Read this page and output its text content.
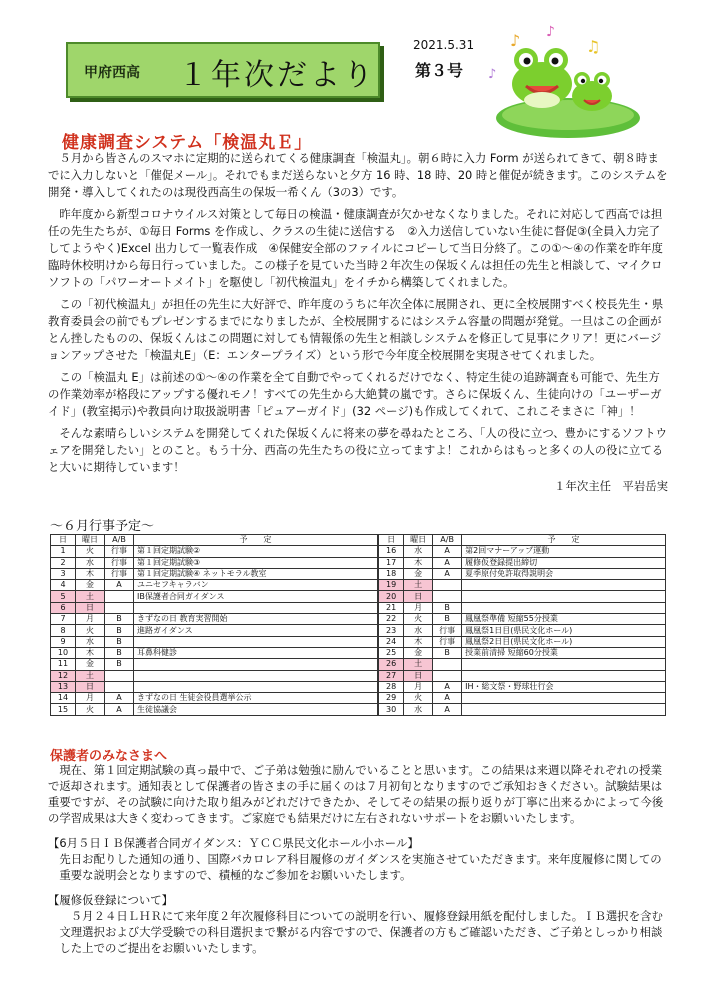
甲府西高 １年次だより
2021.5.31
第３号
♪ ♪
♫
♪
健康調査システム「検温丸Ｅ」

５月から皆さんのスマホに定期的に送られてくる健康調査「検温丸」。朝６時に入力 Form が送られてきて、朝８時までに入力しないと「催促メール」。それでもまだ送らないと夕方 16 時、18 時、20 時と催促が続きます。このシステムを開発・導入してくれたのは現役西高生の保坂一希くん（3の3）です。

昨年度から新型コロナウイルス対策として毎日の検温・健康調査が欠かせなくなりました。それに対応して西高では担任の先生たちが、①毎日 Forms を作成し、クラスの生徒に送信する　②入力送信していない生徒に督促③(全員入力完了してようやく)Excel 出力して一覧表作成　④保健安全部のファイルにコピーして当日分終了。この①～④の作業を昨年度臨時休校明けから毎日行っていました。この様子を見ていた当時２年次生の保坂くんは担任の先生と相談して、マイクロソフトの「パワーオートメイト」を駆使し「初代検温丸」をイチから構築してくれました。

この「初代検温丸」が担任の先生に大好評で、昨年度のうちに年次全体に展開され、更に全校展開すべく校長先生・県教育委員会の前でもプレゼンするまでになりましたが、全校展開するにはシステム容量の問題が発覚。一旦はこの企画がとん挫したものの、保坂くんはこの問題に対しても情報係の先生と相談しシステムを修正して見事にクリア！更にバージョンアップさせた「検温丸E」（E：エンタープライズ）という形で今年度全校展開を実現させてくれました。

この「検温丸 E」は前述の①～④の作業を全て自動でやってくれるだけでなく、特定生徒の追跡調査も可能で、先生方の作業効率が格段にアップする優れモノ！すべての先生から大絶賛の嵐です。さらに保坂くん、生徒向けの「ユーザーガイド」(教室掲示)や教員向け取扱説明書「ピュアーガイド」(32 ページ)も作成してくれて、これこそまさに「神」！

そんな素晴らしいシステムを開発してくれた保坂くんに将来の夢を尋ねたところ、「人の役に立つ、豊かにするソフトウェアを開発したい」とのこと。もう十分、西高の先生たちの役に立ってますよ！これからはもっと多くの人の役に立てると大いに期待しています！

１年次主任　平岩岳実
～６月行事予定～
日	曜日	A/B	予　　定	日	曜日	A/B	予　　定
1	火	行事	第１回定期試験②	16	水	A	第2回マナーアップ運動
2	水	行事	第１回定期試験③	17	木	A	履修仮登録提出締切
3	木	行事	第１回定期試験④ ネットモラル教室	18	金	A	夏季原付免許取得説明会
4	金	A	ユニセフキャラバン	19	土		
5	土		IB保護者合同ガイダンス	20	日		
6	日			21	月	B	
7	月	B	きずなの日 教育実習開始	22	火	B	鳳凰祭準備 短縮55分授業
8	火	B	進路ガイダンス	23	水	行事	鳳凰祭1日目(県民文化ホール)
9	水	B		24	木	行事	鳳凰祭2日目(県民文化ホール)
10	木	B	耳鼻科健診	25	金	B	授業前清掃 短縮60分授業
11	金	B		26	土		
12	土			27	日		
13	日			28	月	A	IH・総文祭・野球壮行会
14	月	A	きずなの日 生徒会役員選挙公示	29	火	A	
15	火	A	生徒協議会	30	水	A	
保護者のみなさまへ

現在、第１回定期試験の真っ最中で、ご子弟は勉強に励んでいることと思います。この結果は来週以降それぞれの授業で返却されます。通知表として保護者の皆さまの手に届くのは７月初旬となりますのでご承知おきください。試験結果は重要ですが、その試験に向けた取り組みがどれだけできたか、そしてその結果の振り返りが丁寧に出来るかによって今後の学習成果は大きく変わってきます。ご家庭でも結果だけに左右されないサポートをお願いいたします。

【6月５日ＩＢ保護者合同ガイダンス：ＹＣＣ県民文化ホール小ホール】

先日お配りした通知の通り、国際バカロレア科目履修のガイダンスを実施させていただきます。来年度履修に関しての重要な説明会となりますので、積極的なご参加をお願いいたします。

【履修仮登録について】

５月２４日ＬＨＲにて来年度２年次履修科目についての説明を行い、履修登録用紙を配付しました。ＩＢ選択を含む文理選択および大学受験での科目選択まで繋がる内容ですので、保護者の方もご確認いただき、ご子弟としっかり相談した上でのご提出をお願いいたします。
